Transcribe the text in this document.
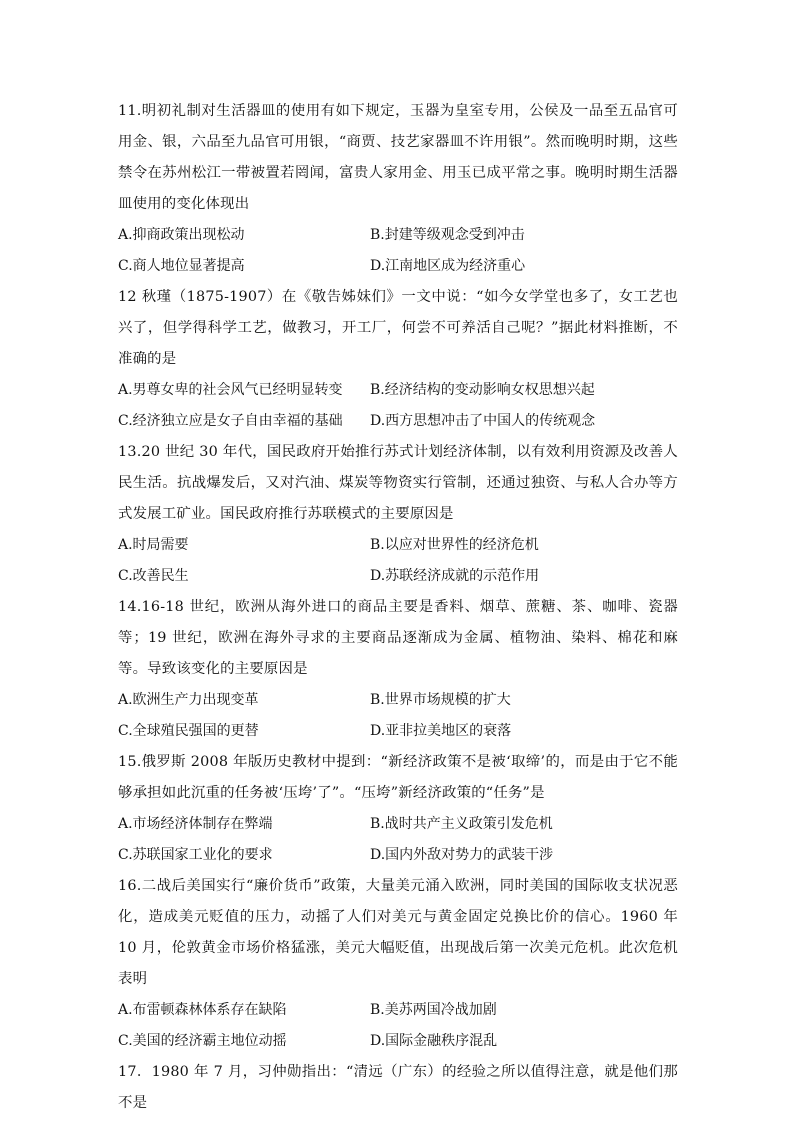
11.明初礼制对生活器皿的使用有如下规定，玉器为皇室专用，公侯及一品至五品官可用金、银，六品至九品官可用银，“商贾、技艺家器皿不许用银”。然而晚明时期，这些禁令在苏州松江一带被置若罔闻，富贵人家用金、用玉已成平常之事。晚明时期生活器皿使用的变化体现出

A.抑商政策出现松动	B.封建等级观念受到冲击
C.商人地位显著提高	D.江南地区成为经济重心

12 秋瑾（1875-1907）在《敬告姊妹们》一文中说：“如今女学堂也多了，女工艺也兴了，但学得科学工艺，做教习，开工厂，何尝不可养活自己呢？”据此材料推断，不准确的是

A.男尊女卑的社会风气已经明显转变 B.经济结构的变动影响女权思想兴起
C.经济独立应是女子自由幸福的基础 D.西方思想冲击了中国人的传统观念

13.20 世纪 30 年代，国民政府开始推行苏式计划经济体制，以有效利用资源及改善人民生活。抗战爆发后，又对汽油、煤炭等物资实行管制，还通过独资、与私人合办等方式发展工矿业。国民政府推行苏联模式的主要原因是

A.时局需要	B.以应对世界性的经济危机
C.改善民生	D.苏联经济成就的示范作用

14.16-18 世纪，欧洲从海外进口的商品主要是香料、烟草、蔗糖、茶、咖啡、瓷器等；19 世纪，欧洲在海外寻求的主要商品逐渐成为金属、植物油、染料、棉花和麻等。导致该变化的主要原因是

A.欧洲生产力出现变革	B.世界市场规模的扩大
C.全球殖民强国的更替	D.亚非拉美地区的衰落

15.俄罗斯 2008 年版历史教材中提到：“新经济政策不是被‘取缔’的，而是由于它不能够承担如此沉重的任务被‘压垮’了”。“压垮”新经济政策的“任务”是

A.市场经济体制存在弊端	B.战时共产主义政策引发危机
C.苏联国家工业化的要求	D.国内外敌对势力的武装干涉

16.二战后美国实行“廉价货币”政策，大量美元涌入欧洲，同时美国的国际收支状况恶化，造成美元贬值的压力，动摇了人们对美元与黄金固定兑换比价的信心。1960 年 10 月，伦敦黄金市场价格猛涨，美元大幅贬值，出现战后第一次美元危机。此次危机表明

A.布雷顿森林体系存在缺陷	B.美苏两国冷战加剧
C.美国的经济霸主地位动摇	D.国际金融秩序混乱

17．1980 年 7 月，习仲勋指出：“清远（广东）的经验之所以值得注意，就是他们那不是
